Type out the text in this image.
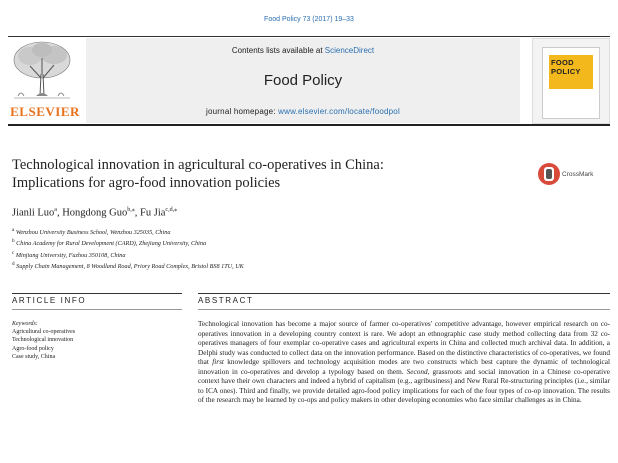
Food Policy 73 (2017) 19–33
ELSEVIER
Contents lists available at ScienceDirect
Food Policy
journal homepage: www.elsevier.com/locate/foodpol
FOOD
POLICY
Technological innovation in agricultural co-operatives in China:
Implications for agro-food innovation policies
CrossMark
Jianli Luo$^a$, Hongdong Guo$^{b,⁎}$, Fu Jia$^{c,d,⁎}$
$^a$ Wenzhou University Business School, Wenzhou 325035, China
$^b$ China Academy for Rural Development (CARD), Zhejiang University, China
$^c$ Minjiang University, Fuzhou 350108, China
$^d$ Supply Chain Management, 8 Woodland Road, Priory Road Complex, Bristol BS8 1TU, UK
ARTICLE INFO	ABSTRACT
Keywords:
Agricultural co-operatives
Technological innovation
Agro-food policy
Case study, China
Technological innovation has become a major source of farmer co-operatives' competitive advantage, however empirical research on co-operatives innovation in a developing country context is rare. We adopt an ethnographic case study method collecting data from 32 co-operatives managers of four exemplar co-operative cases and agricultural experts in China and collected much archival data. In addition, a Delphi study was conducted to collect data on the innovation performance. Based on the distinctive characteristics of co-operatives, we found that first knowledge spillovers and technology acquisition modes are two constructs which best capture the dynamic of technological innovation in co-operatives and develop a typology based on them. Second, grassroots and social innovation in a Chinese co-operative context have their own characters and indeed a hybrid of capitalism (e.g., agribusiness) and New Rural Re-structuring principles (i.e., similar to ICA ones). Third and finally, we provide detailed agro-food policy implications for each of the four types of co-op innovation. The results of the research may be learned by co-ops and policy makers in other developing economies who face similar challenges as in China.
